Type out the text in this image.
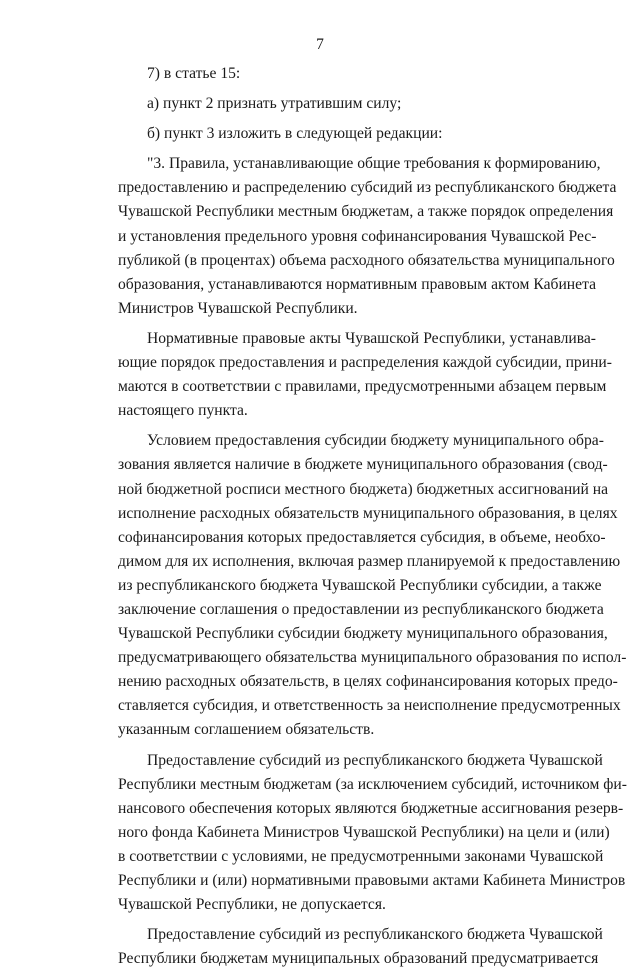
7
7) в статье 15:
а) пункт 2 признать утратившим силу;
б) пункт 3 изложить в следующей редакции:
"3. Правила, устанавливающие общие требования к формированию,
предоставлению и распределению субсидий из республиканского бюджета
Чувашской Республики местным бюджетам, а также порядок определения
и установления предельного уровня софинансирования Чувашской Рес-
публикой (в процентах) объема расходного обязательства муниципального
образования, устанавливаются нормативным правовым актом Кабинета
Министров Чувашской Республики.
Нормативные правовые акты Чувашской Республики, устанавлива-
ющие порядок предоставления и распределения каждой субсидии, прини-
маются в соответствии с правилами, предусмотренными абзацем первым
настоящего пункта.
Условием предоставления субсидии бюджету муниципального обра-
зования является наличие в бюджете муниципального образования (свод-
ной бюджетной росписи местного бюджета) бюджетных ассигнований на
исполнение расходных обязательств муниципального образования, в целях
софинансирования которых предоставляется субсидия, в объеме, необхо-
димом для их исполнения, включая размер планируемой к предоставлению
из республиканского бюджета Чувашской Республики субсидии, а также
заключение соглашения о предоставлении из республиканского бюджета
Чувашской Республики субсидии бюджету муниципального образования,
предусматривающего обязательства муниципального образования по испол-
нению расходных обязательств, в целях софинансирования которых предо-
ставляется субсидия, и ответственность за неисполнение предусмотренных
указанным соглашением обязательств.
Предоставление субсидий из республиканского бюджета Чувашской
Республики местным бюджетам (за исключением субсидий, источником фи-
нансового обеспечения которых являются бюджетные ассигнования резерв-
ного фонда Кабинета Министров Чувашской Республики) на цели и (или)
в соответствии с условиями, не предусмотренными законами Чувашской
Республики и (или) нормативными правовыми актами Кабинета Министров
Чувашской Республики, не допускается.
Предоставление субсидий из республиканского бюджета Чувашской
Республики бюджетам муниципальных образований предусматривается
